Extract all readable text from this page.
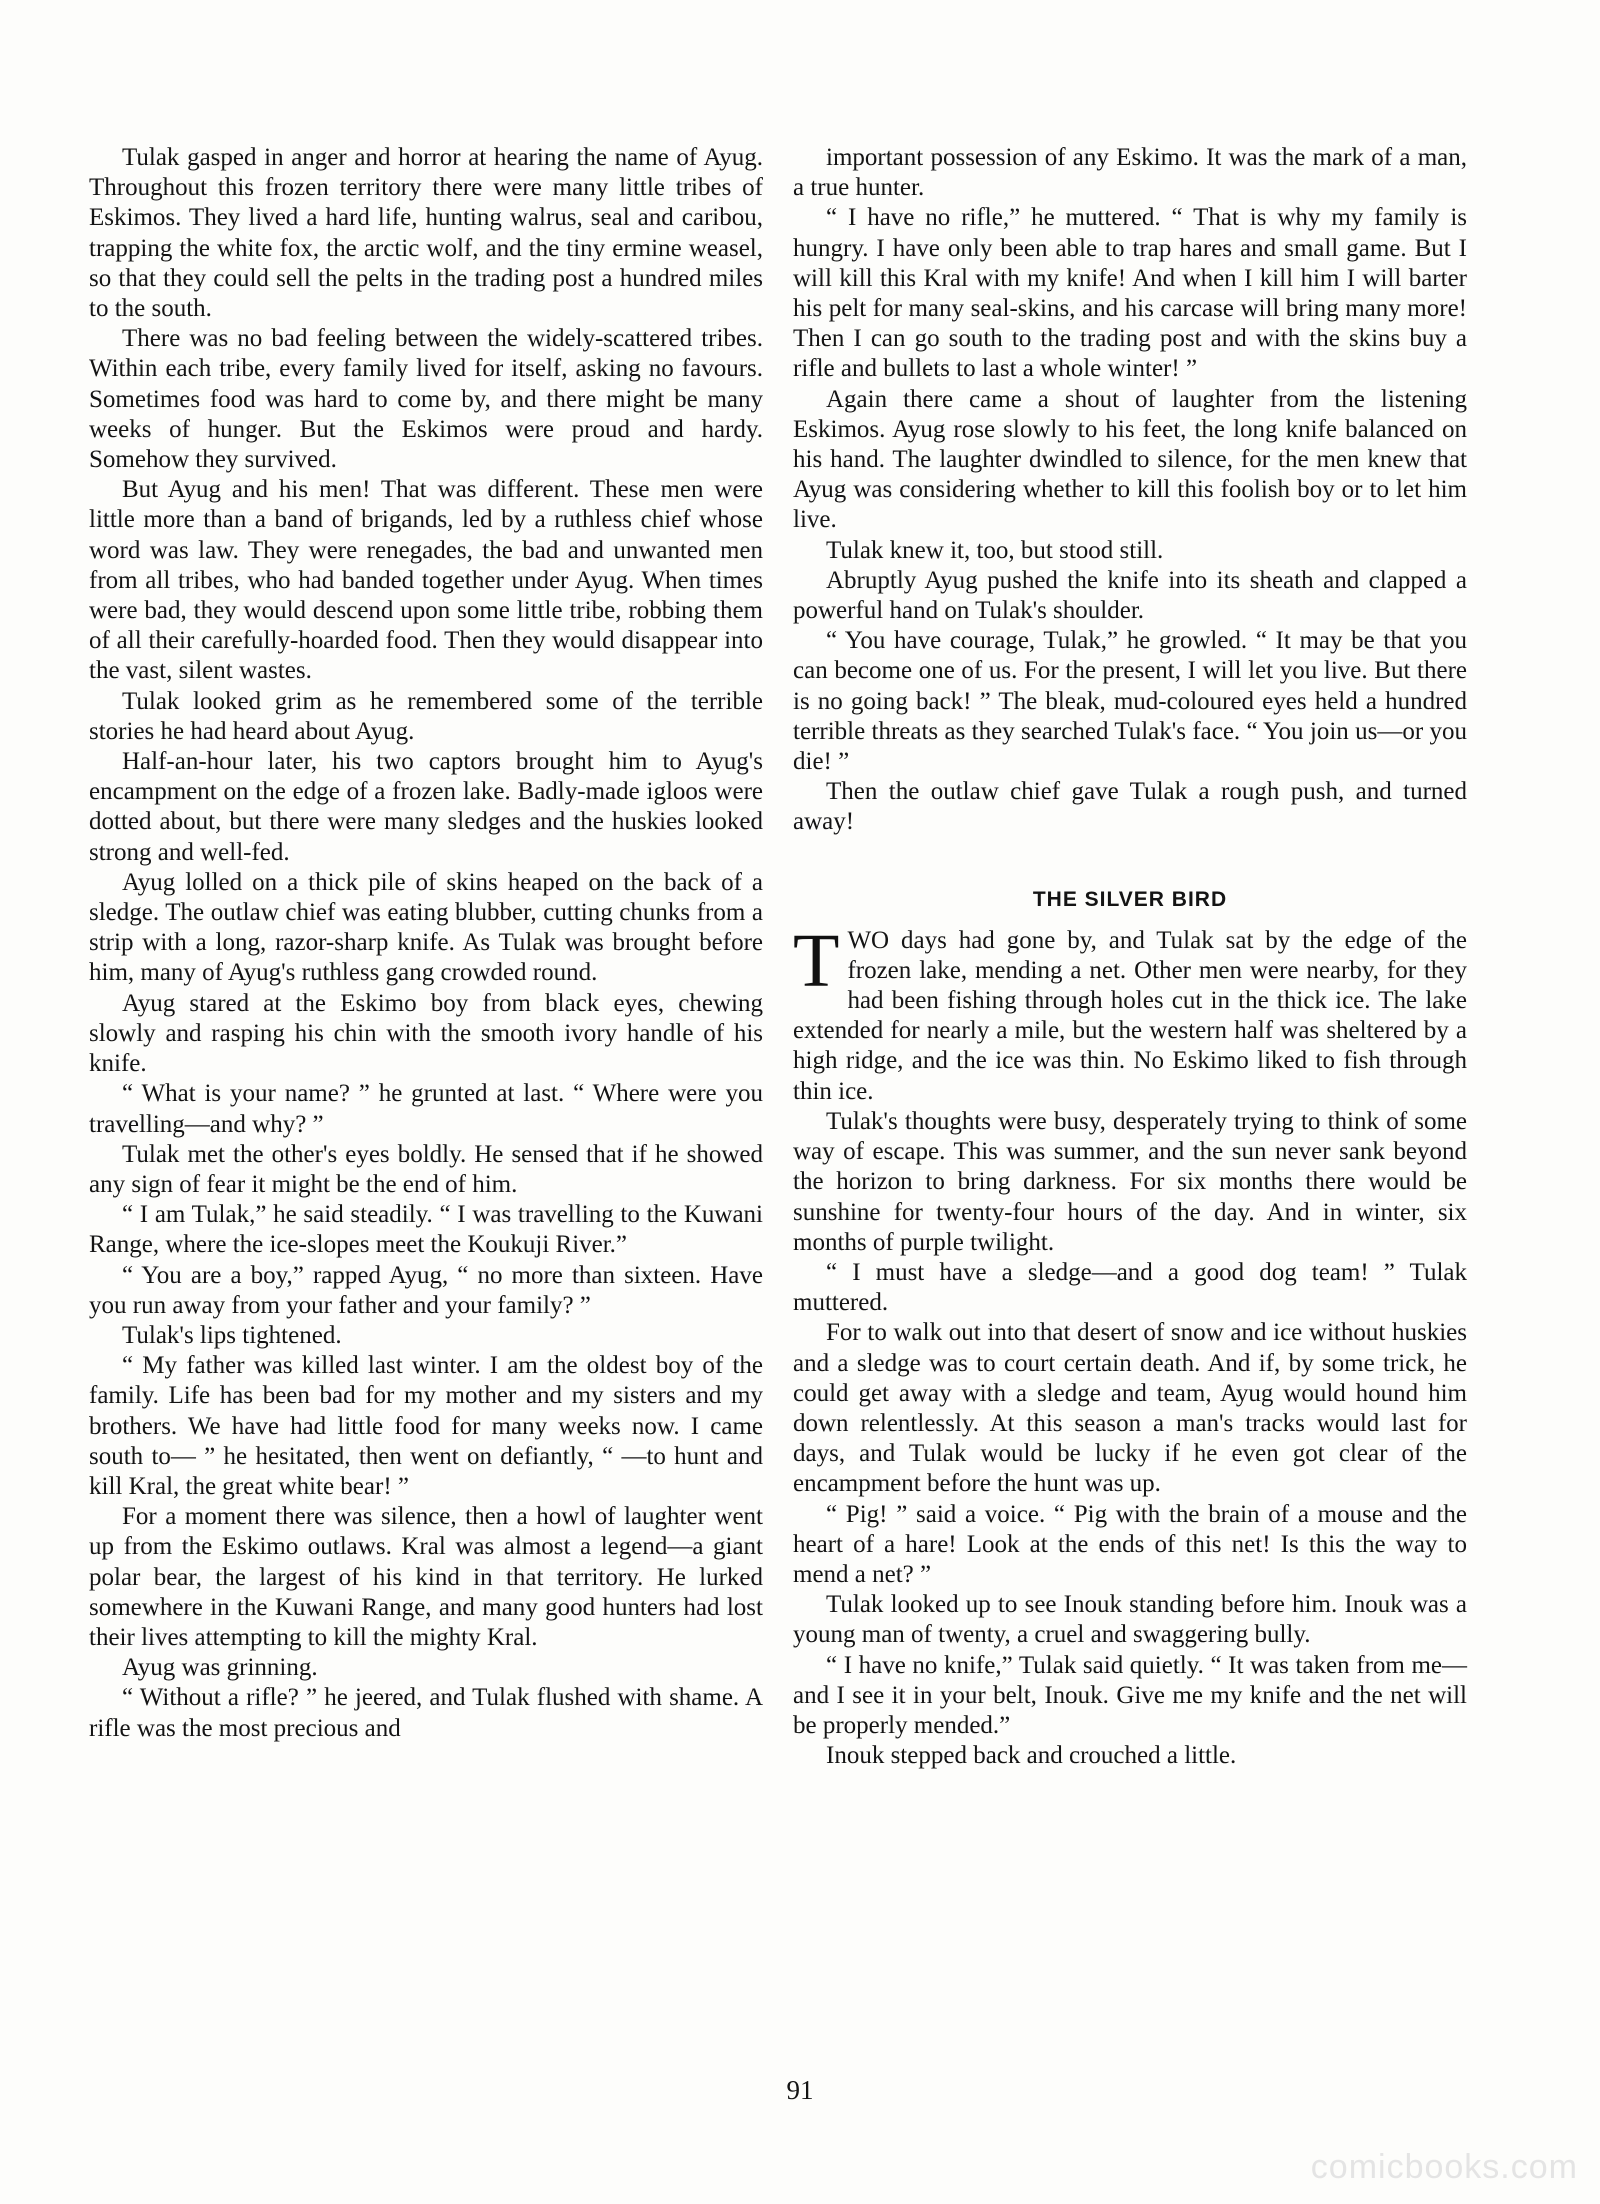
Tulak gasped in anger and horror at hearing the name of Ayug. Throughout this frozen territory there were many little tribes of Eskimos. They lived a hard life, hunting walrus, seal and caribou, trapping the white fox, the arctic wolf, and the tiny ermine weasel, so that they could sell the pelts in the trading post a hundred miles to the south.

There was no bad feeling between the widely-scattered tribes. Within each tribe, every family lived for itself, asking no favours. Sometimes food was hard to come by, and there might be many weeks of hunger. But the Eskimos were proud and hardy. Somehow they survived.

But Ayug and his men! That was different. These men were little more than a band of brigands, led by a ruthless chief whose word was law. They were renegades, the bad and unwanted men from all tribes, who had banded together under Ayug. When times were bad, they would descend upon some little tribe, robbing them of all their carefully-hoarded food. Then they would disappear into the vast, silent wastes.

Tulak looked grim as he remembered some of the terrible stories he had heard about Ayug.

Half-an-hour later, his two captors brought him to Ayug's encampment on the edge of a frozen lake. Badly-made igloos were dotted about, but there were many sledges and the huskies looked strong and well-fed.

Ayug lolled on a thick pile of skins heaped on the back of a sledge. The outlaw chief was eating blubber, cutting chunks from a strip with a long, razor-sharp knife. As Tulak was brought before him, many of Ayug's ruthless gang crowded round.

Ayug stared at the Eskimo boy from black eyes, chewing slowly and rasping his chin with the smooth ivory handle of his knife.

“ What is your name? ” he grunted at last. “ Where were you travelling—and why? ”

Tulak met the other's eyes boldly. He sensed that if he showed any sign of fear it might be the end of him.

“ I am Tulak,” he said steadily. “ I was travelling to the Kuwani Range, where the ice-slopes meet the Koukuji River.”

“ You are a boy,” rapped Ayug, “ no more than sixteen. Have you run away from your father and your family? ”

Tulak's lips tightened.

“ My father was killed last winter. I am the oldest boy of the family. Life has been bad for my mother and my sisters and my brothers. We have had little food for many weeks now. I came south to— ” he hesitated, then went on defiantly, “ —to hunt and kill Kral, the great white bear! ”

For a moment there was silence, then a howl of laughter went up from the Eskimo outlaws. Kral was almost a legend—a giant polar bear, the largest of his kind in that territory. He lurked somewhere in the Kuwani Range, and many good hunters had lost their lives attempting to kill the mighty Kral.

Ayug was grinning.

“ Without a rifle? ” he jeered, and Tulak flushed with shame. A rifle was the most precious and

important possession of any Eskimo. It was the mark of a man, a true hunter.

“ I have no rifle,” he muttered. “ That is why my family is hungry. I have only been able to trap hares and small game. But I will kill this Kral with my knife! And when I kill him I will barter his pelt for many seal-skins, and his carcase will bring many more! Then I can go south to the trading post and with the skins buy a rifle and bullets to last a whole winter! ”

Again there came a shout of laughter from the listening Eskimos. Ayug rose slowly to his feet, the long knife balanced on his hand. The laughter dwindled to silence, for the men knew that Ayug was considering whether to kill this foolish boy or to let him live.

Tulak knew it, too, but stood still.

Abruptly Ayug pushed the knife into its sheath and clapped a powerful hand on Tulak's shoulder.

“ You have courage, Tulak,” he growled. “ It may be that you can become one of us. For the present, I will let you live. But there is no going back! ” The bleak, mud-coloured eyes held a hundred terrible threats as they searched Tulak's face. “ You join us—or you die! ”

Then the outlaw chief gave Tulak a rough push, and turned away!

THE SILVER BIRD

TWO days had gone by, and Tulak sat by the edge of the frozen lake, mending a net. Other men were nearby, for they had been fishing through holes cut in the thick ice. The lake extended for nearly a mile, but the western half was sheltered by a high ridge, and the ice was thin. No Eskimo liked to fish through thin ice.

Tulak's thoughts were busy, desperately trying to think of some way of escape. This was summer, and the sun never sank beyond the horizon to bring darkness. For six months there would be sunshine for twenty-four hours of the day. And in winter, six months of purple twilight.

“ I must have a sledge—and a good dog team! ” Tulak muttered.

For to walk out into that desert of snow and ice without huskies and a sledge was to court certain death. And if, by some trick, he could get away with a sledge and team, Ayug would hound him down relentlessly. At this season a man's tracks would last for days, and Tulak would be lucky if he even got clear of the encampment before the hunt was up.

“ Pig! ” said a voice. “ Pig with the brain of a mouse and the heart of a hare! Look at the ends of this net! Is this the way to mend a net? ”

Tulak looked up to see Inouk standing before him. Inouk was a young man of twenty, a cruel and swaggering bully.

“ I have no knife,” Tulak said quietly. “ It was taken from me—and I see it in your belt, Inouk. Give me my knife and the net will be properly mended.”

Inouk stepped back and crouched a little.

91
comicbooks.com
